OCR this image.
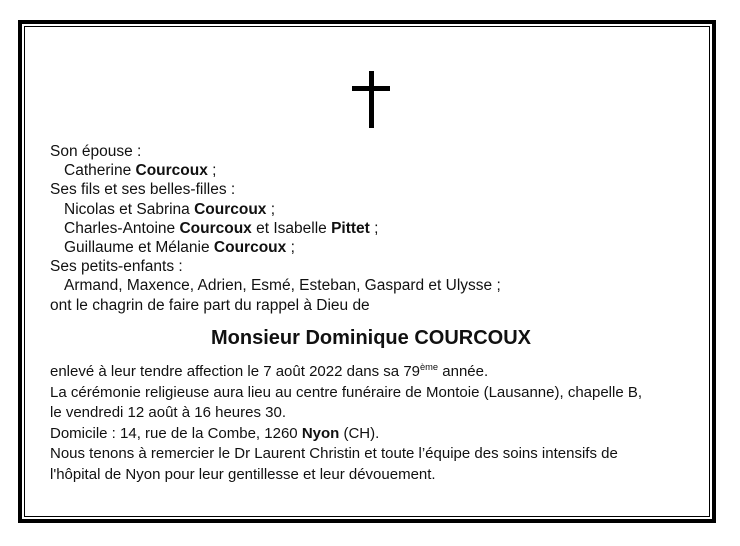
Son épouse :
Catherine Courcoux ;
Ses fils et ses belles-filles :
Nicolas et Sabrina Courcoux ;
Charles-Antoine Courcoux et Isabelle Pittet ;
Guillaume et Mélanie Courcoux ;
Ses petits-enfants :
Armand, Maxence, Adrien, Esmé, Esteban, Gaspard et Ulysse ;
ont le chagrin de faire part du rappel à Dieu de
Monsieur Dominique COURCOUX
enlevé à leur tendre affection le 7 août 2022 dans sa 79ème année.
La cérémonie religieuse aura lieu au centre funéraire de Montoie (Lausanne), chapelle B,
le vendredi 12 août à 16 heures 30.
Domicile : 14, rue de la Combe, 1260 Nyon (CH).
Nous tenons à remercier le Dr Laurent Christin et toute l’équipe des soins intensifs de
l'hôpital de Nyon pour leur gentillesse et leur dévouement.
